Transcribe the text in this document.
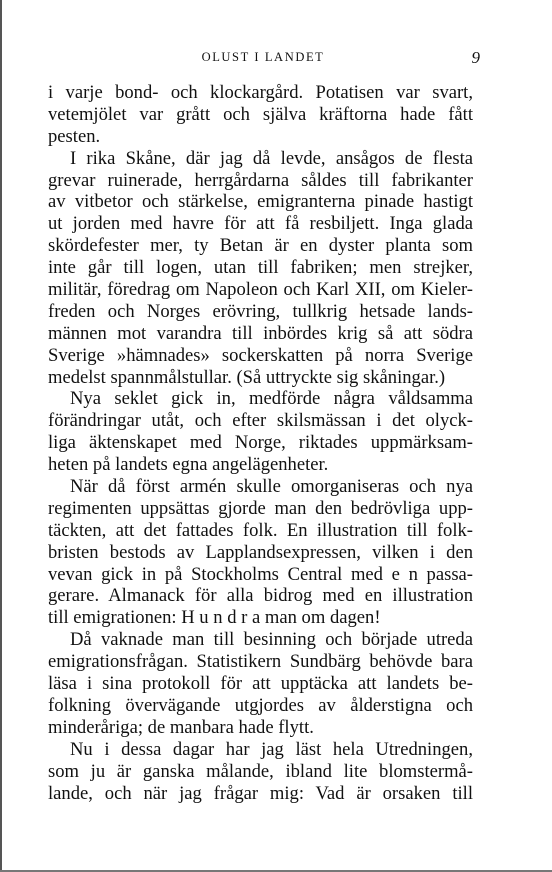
OLUST I LANDET	9
i varje bond- och klockargård. Potatisen var svart,
vetemjölet var grått och själva kräftorna hade fått
pesten.
I rika Skåne, där jag då levde, ansågos de flesta
grevar ruinerade, herrgårdarna såldes till fabrikanter
av vitbetor och stärkelse, emigranterna pinade hastigt
ut jorden med havre för att få resbiljett. Inga glada
skördefester mer, ty Betan är en dyster planta som
inte går till logen, utan till fabriken; men strejker,
militär, föredrag om Napoleon och Karl XII, om Kieler-
freden och Norges erövring, tullkrig hetsade lands-
männen mot varandra till inbördes krig så att södra
Sverige »hämnades» sockerskatten på norra Sverige
medelst spannmålstullar. (Så uttryckte sig skåningar.)
Nya seklet gick in, medförde några våldsamma
förändringar utåt, och efter skilsmässan i det olyck-
liga äktenskapet med Norge, riktades uppmärksam-
heten på landets egna angelägenheter.
När då först armén skulle omorganiseras och nya
regimenten uppsättas gjorde man den bedrövliga upp-
täckten, att det fattades folk. En illustration till folk-
bristen bestods av Lapplandsexpressen, vilken i den
vevan gick in på Stockholms Central med e n passa-
gerare. Almanack för alla bidrog med en illustration
till emigrationen: H u n d r a man om dagen!
Då vaknade man till besinning och började utreda
emigrationsfrågan. Statistikern Sundbärg behövde bara
läsa i sina protokoll för att upptäcka att landets be-
folkning övervägande utgjordes av ålderstigna och
minderåriga; de manbara hade flytt.
Nu i dessa dagar har jag läst hela Utredningen,
som ju är ganska målande, ibland lite blomstermå-
lande, och när jag frågar mig: Vad är orsaken till
